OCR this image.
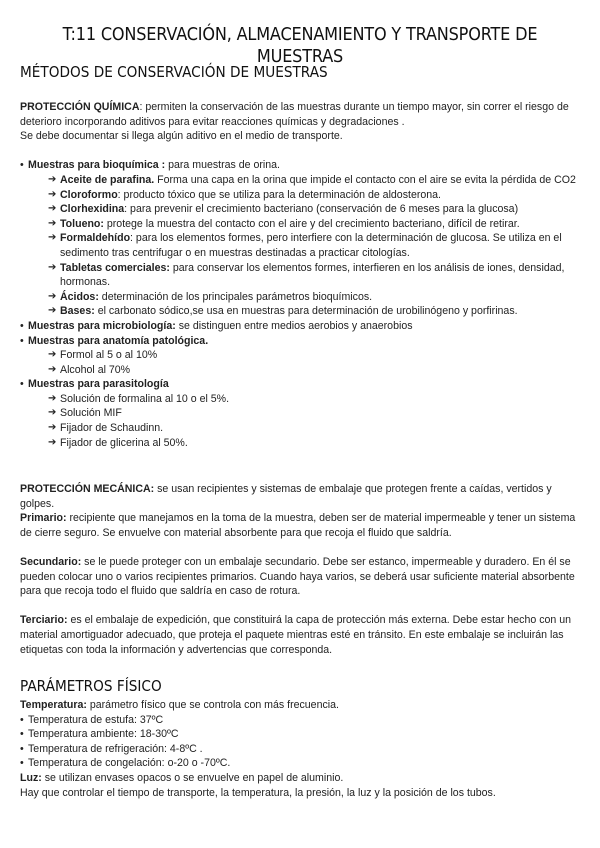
T:11 CONSERVACIÓN, ALMACENAMIENTO Y TRANSPORTE DE MUESTRAS
MÉTODOS DE CONSERVACIÓN DE MUESTRAS

PROTECCIÓN QUÍMICA: permiten la conservación de las muestras durante un tiempo mayor, sin correr el riesgo de deterioro incorporando aditivos para evitar reacciones químicas y degradaciones .

Se debe documentar si llega algún aditivo en el medio de transporte.

• Muestras para bioquímica : para muestras de orina.
➔ Aceite de parafina. Forma una capa en la orina que impide el contacto con el aire se evita la pérdida de CO2
➔ Cloroformo: producto tóxico que se utiliza para la determinación de aldosterona.
➔ Clorhexidina: para prevenir el crecimiento bacteriano (conservación de 6 meses para la glucosa)
➔ Tolueno: protege la muestra del contacto con el aire y del crecimiento bacteriano, difícil de retirar.
➔ Formaldehído: para los elementos formes, pero interfiere con la determinación de glucosa. Se utiliza en el sedimento tras centrifugar o en muestras destinadas a practicar citologías.
➔ Tabletas comerciales: para conservar los elementos formes, interfieren en los análisis de iones, densidad, hormonas.
➔ Ácidos: determinación de los principales parámetros bioquímicos.
➔ Bases: el carbonato sódico,se usa en muestras para determinación de urobilinógeno y porfirinas.
• Muestras para microbiología: se distinguen entre medios aerobios y anaerobios
• Muestras para anatomía patológica.
➔ Formol al 5 o al 10%
➔ Alcohol al 70%
• Muestras para parasitología
➔ Solución de formalina al 10 o el 5%.
➔ Solución MIF
➔ Fijador de Schaudinn.
➔ Fijador de glicerina al 50%.

PROTECCIÓN MECÁNICA: se usan recipientes y sistemas de embalaje que protegen frente a caídas, vertidos y golpes.

Primario: recipiente que manejamos en la toma de la muestra, deben ser de material impermeable y tener un sistema de cierre seguro. Se envuelve con material absorbente para que recoja el fluido que saldría.

Secundario: se le puede proteger con un embalaje secundario. Debe ser estanco, impermeable y duradero. En él se pueden colocar uno o varios recipientes primarios. Cuando haya varios, se deberá usar suficiente material absorbente para que recoja todo el fluido que saldría en caso de rotura.

Terciario: es el embalaje de expedición, que constituirá la capa de protección más externa. Debe estar hecho con un material amortiguador adecuado, que proteja el paquete mientras esté en tránsito. En este embalaje se incluirán las etiquetas con toda la información y advertencias que corresponda.

PARÁMETROS FÍSICO

Temperatura: parámetro físico que se controla con más frecuencia.

• Temperatura de estufa: 37ºC
• Temperatura ambiente: 18-30ºC
• Temperatura de refrigeración: 4-8ºC .
• Temperatura de congelación: o-20 o -70ºC.

Luz: se utilizan envases opacos o se envuelve en papel de aluminio.

Hay que controlar el tiempo de transporte, la temperatura, la presión, la luz y la posición de los tubos.
